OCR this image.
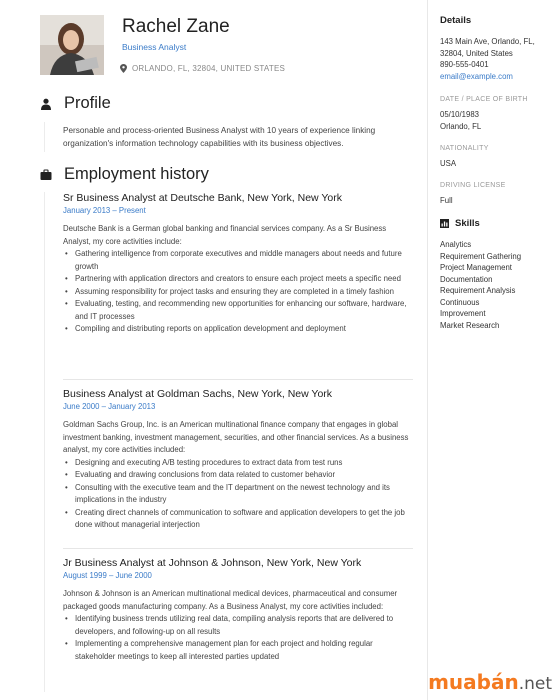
Rachel Zane
Business Analyst
ORLANDO, FL, 32804, UNITED STATES
Profile
Personable and process-oriented Business Analyst with 10 years of experience linking organization's information technology capabilities with its business objectives.
Employment history
Sr Business Analyst at Deutsche Bank, New York, New York
January 2013 – Present
Deutsche Bank is a German global banking and financial services company. As a Sr Business Analyst, my core activities include:
• Gathering intelligence from corporate executives and middle managers about needs and future growth
• Partnering with application directors and creators to ensure each project meets a specific need
• Assuming responsibility for project tasks and ensuring they are completed in a timely fashion
• Evaluating, testing, and recommending new opportunities for enhancing our software, hardware, and IT processes
• Compiling and distributing reports on application development and deployment
Business Analyst at Goldman Sachs, New York, New York
June 2000 – January 2013
Goldman Sachs Group, Inc. is an American multinational finance company that engages in global investment banking, investment management, securities, and other financial services. As a business analyst, my core activities included:
• Designing and executing A/B testing procedures to extract data from test runs
• Evaluating and drawing conclusions from data related to customer behavior
• Consulting with the executive team and the IT department on the newest technology and its implications in the industry
• Creating direct channels of communication to software and application developers to get the job done without managerial interjection
Jr Business Analyst at Johnson & Johnson, New York, New York
August 1999 – June 2000
Johnson & Johnson is an American multinational medical devices, pharmaceutical and consumer packaged goods manufacturing company. As a Business Analyst, my core activities included:
• Identifying business trends utilizing real data, compiling analysis reports that are delivered to developers, and following-up on all results
• Implementing a comprehensive management plan for each project and holding regular stakeholder meetings to keep all interested parties updated
Details
143 Main Ave, Orlando, FL, 32804, United States
890-555-0401
email@example.com
DATE / PLACE OF BIRTH
05/10/1983
Orlando, FL
NATIONALITY
USA
DRIVING LICENSE
Full
Skills
Analytics
Requirement Gathering
Project Management
Documentation
Requirement Analysis
Continuous Improvement
Market Research
muabán.net
